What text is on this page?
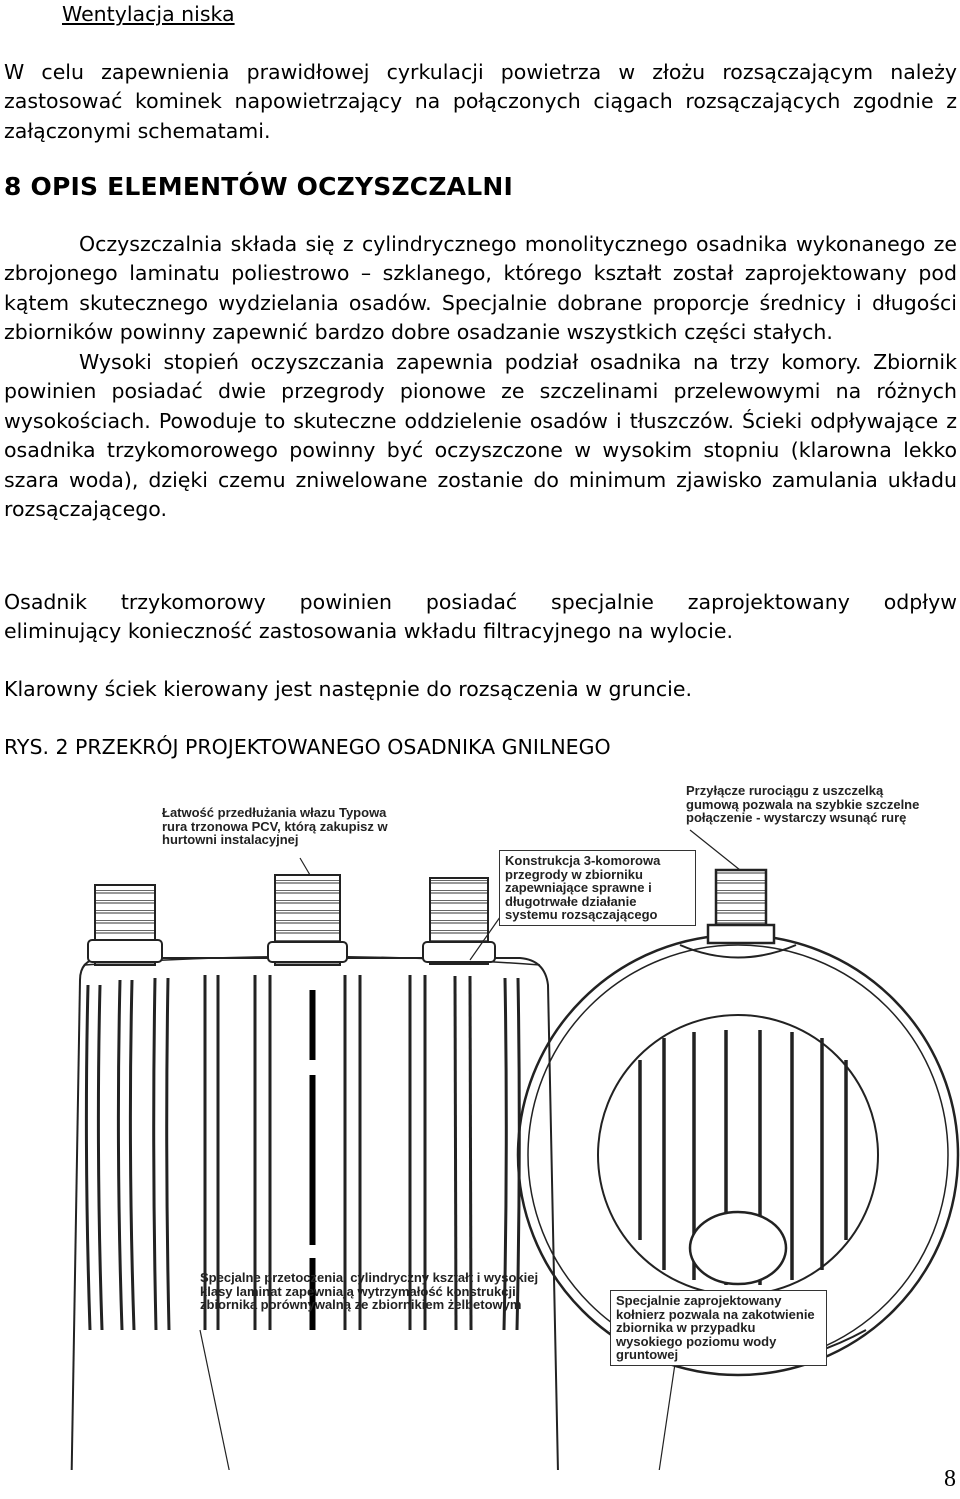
Wentylacja niska
W celu zapewnienia prawidłowej cyrkulacji powietrza w złożu rozsączającym należy zastosować kominek napowietrzający na połączonych ciągach rozsączających zgodnie z załączonymi schematami.
8 OPIS ELEMENTÓW OCZYSZCZALNI
Oczyszczalnia składa się z cylindrycznego monolitycznego osadnika wykonanego ze zbrojonego laminatu poliestrowo – szklanego, którego kształt został zaprojektowany pod kątem skutecznego wydzielania osadów. Specjalnie dobrane proporcje średnicy i długości zbiorników powinny zapewnić bardzo dobre osadzanie wszystkich części stałych.
Wysoki stopień oczyszczania zapewnia podział osadnika na trzy komory. Zbiornik powinien posiadać dwie przegrody pionowe ze szczelinami przelewowymi na różnych wysokościach. Powoduje to skuteczne oddzielenie osadów i tłuszczów. Ścieki odpływające z osadnika trzykomorowego powinny być oczyszczone w wysokim stopniu (klarowna lekko szara woda), dzięki czemu zniwelowane zostanie do minimum zjawisko zamulania układu rozsączającego.
Osadnik trzykomorowy powinien posiadać specjalnie zaprojektowany odpływ
eliminujący konieczność zastosowania wkładu filtracyjnego na wylocie.
Klarowny ściek kierowany jest następnie do rozsączenia w gruncie.
RYS. 2 PRZEKRÓJ PROJEKTOWANEGO OSADNIKA GNILNEGO
Łatwość przedłużania włazu Typowa rura trzonowa PCV, którą zakupisz w hurtowni instalacyjnej
Przyłącze rurociągu z uszczelką gumową pozwala na szybkie szczelne połączenie - wystarczy wsunąć rurę
Konstrukcja 3-komorowa przegrody w zbiorniku zapewniające sprawne i długotrwałe działanie systemu rozsączającego
Specjalne przetoczenia, cylindryczny kształt i wysokiej klasy laminat zapewniają wytrzymałość konstrukcji zbiornika porównywalną ze zbiornikiem żelbetowym	Specjalnie zaprojektowany kołnierz pozwala na zakotwienie zbiornika w przypadku wysokiego poziomu wody gruntowej
8
